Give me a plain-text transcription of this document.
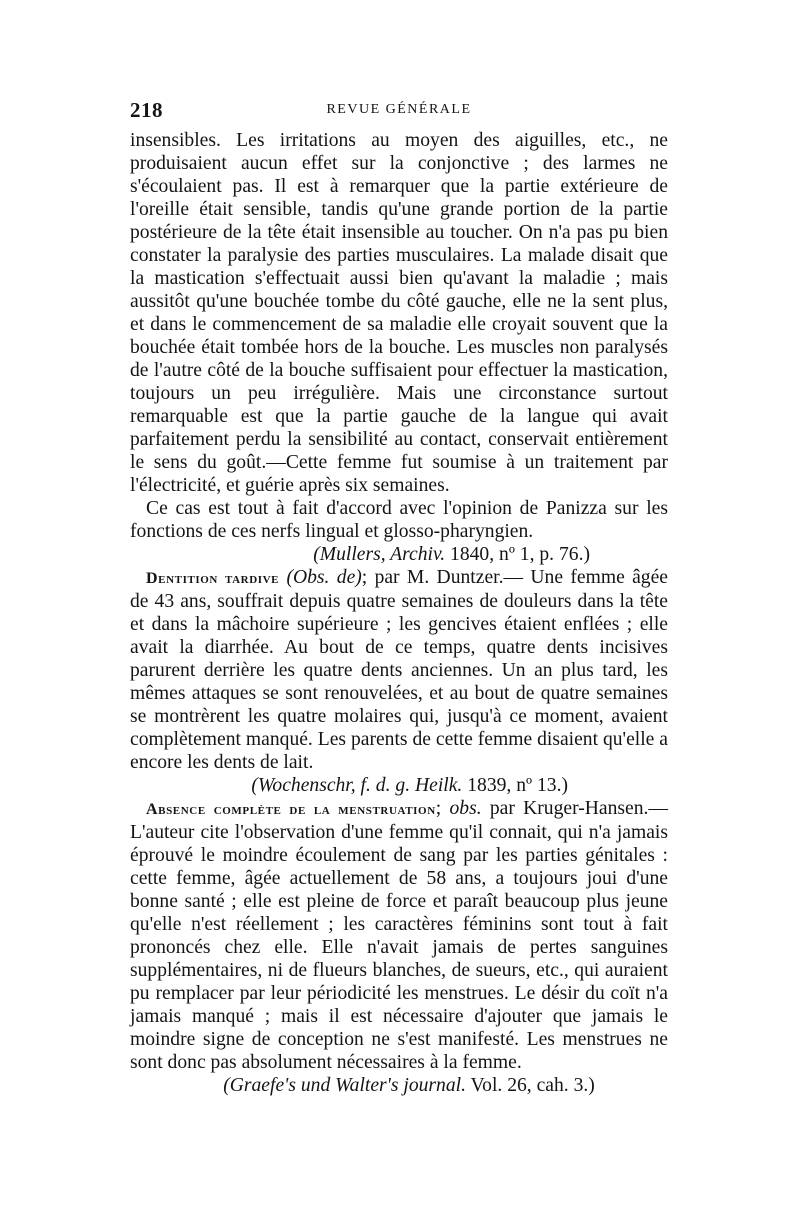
218	REVUE GÉNÉRALE

insensibles. Les irritations au moyen des aiguilles, etc., ne produisaient aucun effet sur la conjonctive ; des larmes ne s'écoulaient pas. Il est à remarquer que la partie extérieure de l'oreille était sensible, tandis qu'une grande portion de la partie postérieure de la tête était insensible au toucher. On n'a pas pu bien constater la paralysie des parties musculaires. La malade disait que la mastication s'effectuait aussi bien qu'avant la maladie ; mais aussitôt qu'une bouchée tombe du côté gauche, elle ne la sent plus, et dans le commencement de sa maladie elle croyait souvent que la bouchée était tombée hors de la bouche. Les muscles non paralysés de l'autre côté de la bouche suffisaient pour effectuer la mastication, toujours un peu irrégulière. Mais une circonstance surtout remarquable est que la partie gauche de la langue qui avait parfaitement perdu la sensibilité au contact, conservait entièrement le sens du goût.—Cette femme fut soumise à un traitement par l'électricité, et guérie après six semaines.

Ce cas est tout à fait d'accord avec l'opinion de Panizza sur les fonctions de ces nerfs lingual et glosso-pharyngien.

(Mullers, Archiv. 1840, nº 1, p. 76.)

Dentition tardive (Obs. de); par M. Duntzer.— Une femme âgée de 43 ans, souffrait depuis quatre semaines de douleurs dans la tête et dans la mâchoire supérieure ; les gencives étaient enflées ; elle avait la diarrhée. Au bout de ce temps, quatre dents incisives parurent derrière les quatre dents anciennes. Un an plus tard, les mêmes attaques se sont renouvelées, et au bout de quatre semaines se montrèrent les quatre molaires qui, jusqu'à ce moment, avaient complètement manqué. Les parents de cette femme disaient qu'elle a encore les dents de lait.

(Wochenschr, f. d. g. Heilk. 1839, nº 13.)

Absence complète de la menstruation; obs. par Kruger-Hansen.—L'auteur cite l'observation d'une femme qu'il connait, qui n'a jamais éprouvé le moindre écoulement de sang par les parties génitales : cette femme, âgée actuellement de 58 ans, a toujours joui d'une bonne santé ; elle est pleine de force et paraît beaucoup plus jeune qu'elle n'est réellement ; les caractères féminins sont tout à fait prononcés chez elle. Elle n'avait jamais de pertes sanguines supplémentaires, ni de flueurs blanches, de sueurs, etc., qui auraient pu remplacer par leur périodicité les menstrues. Le désir du coït n'a jamais manqué ; mais il est nécessaire d'ajouter que jamais le moindre signe de conception ne s'est manifesté. Les menstrues ne sont donc pas absolument nécessaires à la femme.

(Graefe's und Walter's journal. Vol. 26, cah. 3.)
